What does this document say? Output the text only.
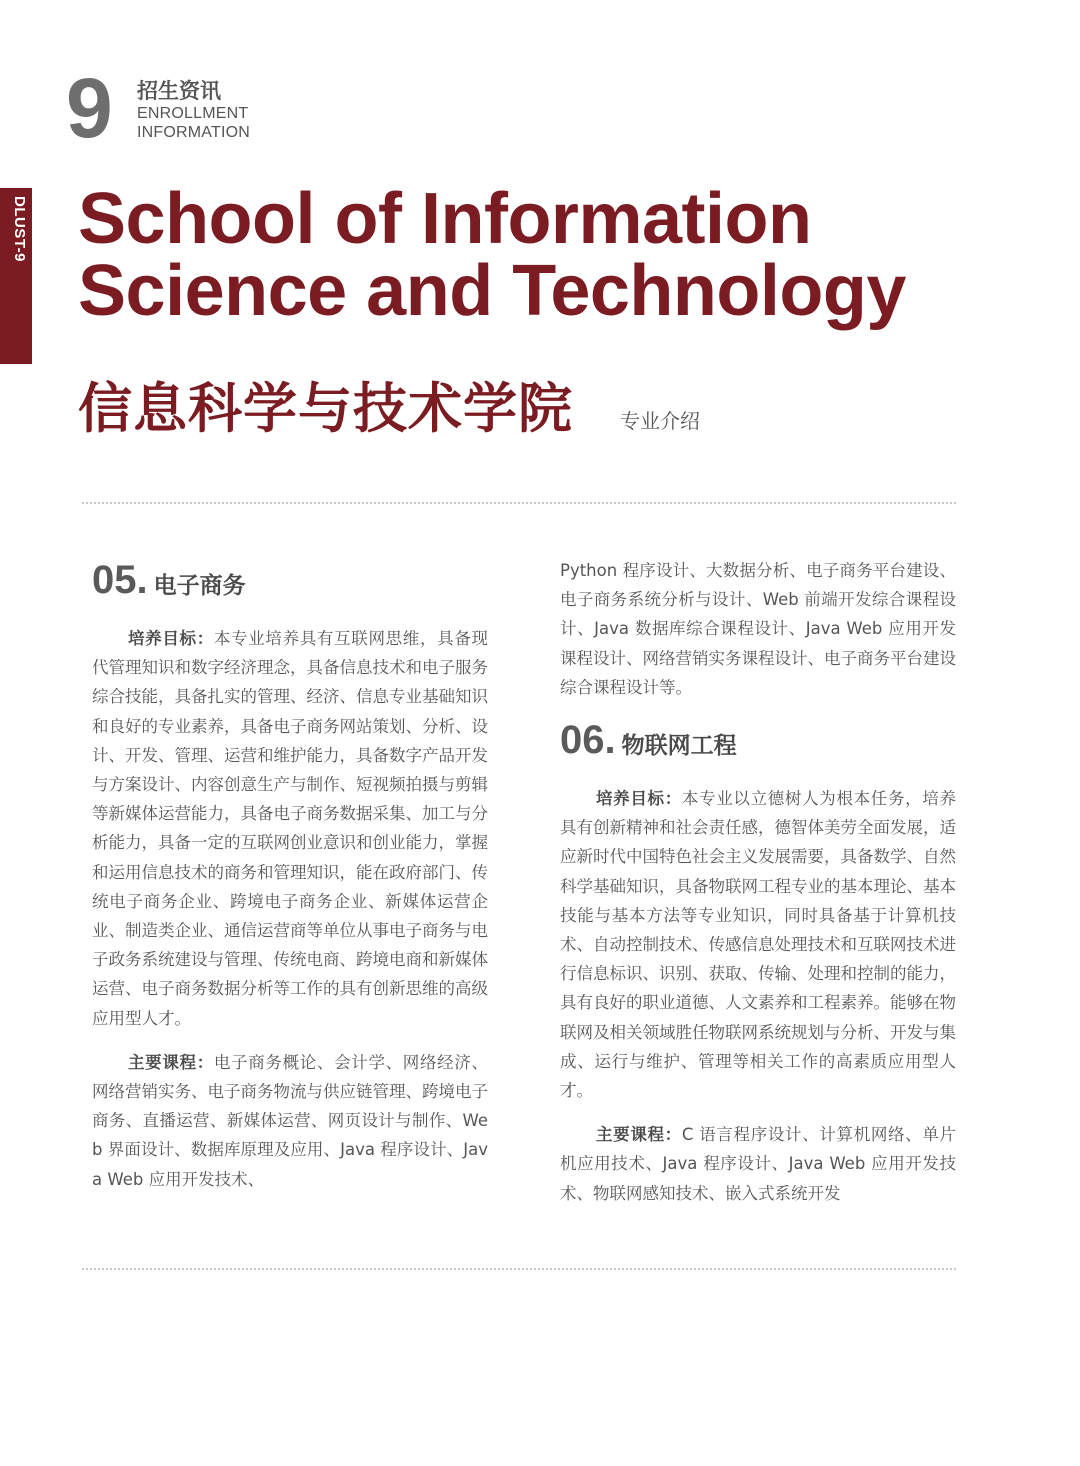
9 招生资讯
ENROLLMENT
INFORMATION
DLUST-9 School of Information
Science and Technology
信息科学与技术学院 专业介绍
05. 电子商务

培养目标：本专业培养具有互联网思维，具备现代管理知识和数字经济理念，具备信息技术和电子服务综合技能，具备扎实的管理、经济、信息专业基础知识和良好的专业素养，具备电子商务网站策划、分析、设计、开发、管理、运营和维护能力，具备数字产品开发与方案设计、内容创意生产与制作、短视频拍摄与剪辑等新媒体运营能力，具备电子商务数据采集、加工与分析能力，具备一定的互联网创业意识和创业能力，掌握和运用信息技术的商务和管理知识，能在政府部门、传统电子商务企业、跨境电子商务企业、新媒体运营企业、制造类企业、通信运营商等单位从事电子商务与电子政务系统建设与管理、传统电商、跨境电商和新媒体运营、电子商务数据分析等工作的具有创新思维的高级应用型人才。

主要课程：电子商务概论、会计学、网络经济、网络营销实务、电子商务物流与供应链管理、跨境电子商务、直播运营、新媒体运营、网页设计与制作、Web 界面设计、数据库原理及应用、Java 程序设计、Java Web 应用开发技术、

Python 程序设计、大数据分析、电子商务平台建设、电子商务系统分析与设计、Web 前端开发综合课程设计、Java 数据库综合课程设计、Java Web 应用开发课程设计、网络营销实务课程设计、电子商务平台建设综合课程设计等。

06. 物联网工程

培养目标：本专业以立德树人为根本任务，培养具有创新精神和社会责任感，德智体美劳全面发展，适应新时代中国特色社会主义发展需要，具备数学、自然科学基础知识，具备物联网工程专业的基本理论、基本技能与基本方法等专业知识，同时具备基于计算机技术、自动控制技术、传感信息处理技术和互联网技术进行信息标识、识别、获取、传输、处理和控制的能力，具有良好的职业道德、人文素养和工程素养。能够在物联网及相关领域胜任物联网系统规划与分析、开发与集成、运行与维护、管理等相关工作的高素质应用型人才。

主要课程：C 语言程序设计、计算机网络、单片机应用技术、Java 程序设计、Java Web 应用开发技术、物联网感知技术、嵌入式系统开发
